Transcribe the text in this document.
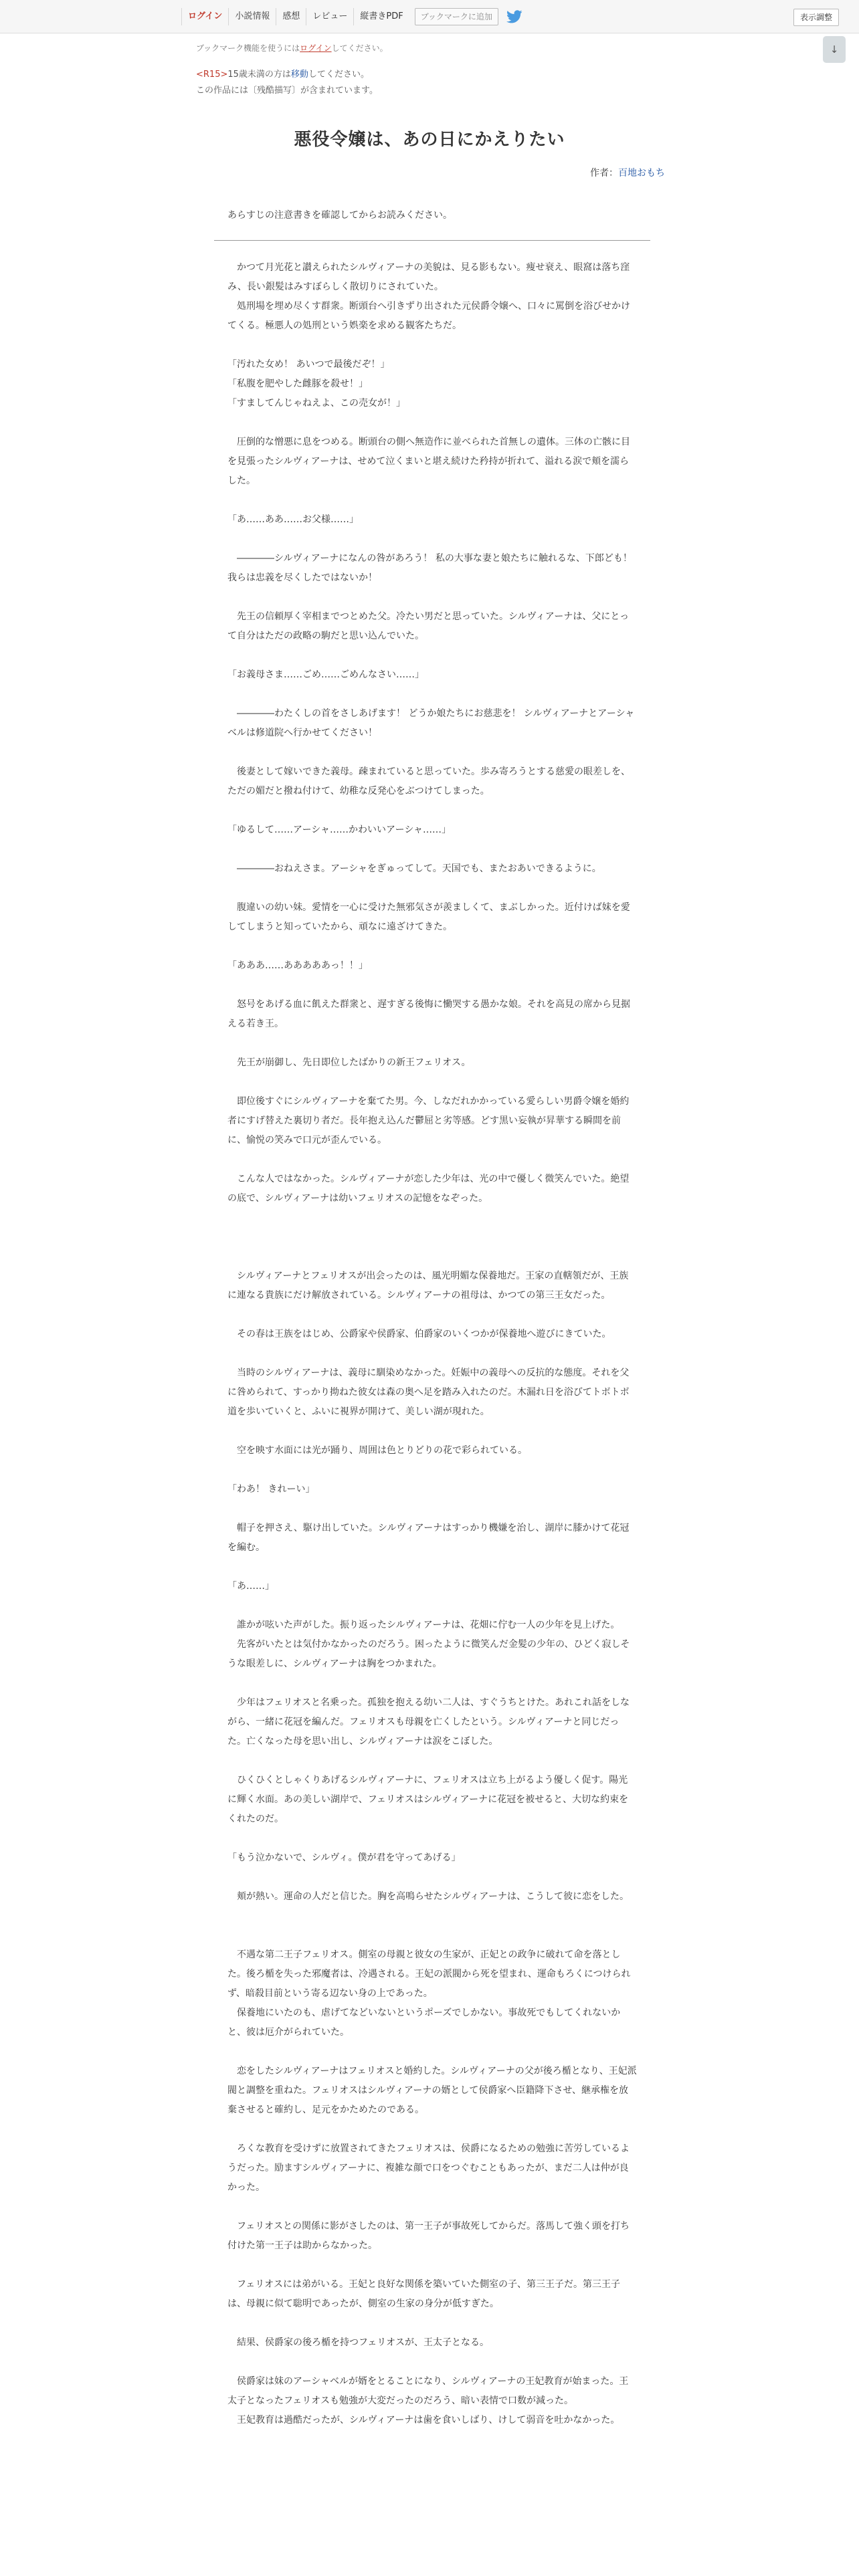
ログイン	小説情報	感想	レビュー	縦書きPDF	ブックマークに追加	表示調整
↓
ブックマーク機能を使うにはログインしてください。
<R15>15歳未満の方は移動してください。
この作品には〔残酷描写〕が含まれています。
悪役令嬢は、あの日にかえりたい
作者：百地おもち

あらすじの注意書きを確認してからお読みください。

　かつて月光花と讃えられたシルヴィアーナの美貌は、見る影もない。痩せ衰え、眼窩は落ち窪み、長い銀髪はみすぼらしく散切りにされていた。

　処刑場を埋め尽くす群衆。断頭台へ引きずり出された元侯爵令嬢へ、口々に罵倒を浴びせかけてくる。極悪人の処刑という娯楽を求める観客たちだ。

「汚れた女め！ あいつで最後だぞ！」

「私腹を肥やした雌豚を殺せ！」

「すましてんじゃねえよ、この売女が！」

　圧倒的な憎悪に息をつめる。断頭台の側へ無造作に並べられた首無しの遺体。三体の亡骸に目を見張ったシルヴィアーナは、せめて泣くまいと堪え続けた矜持が折れて、溢れる涙で頬を濡らした。

「あ……ああ……お父様……」

　――――シルヴィアーナになんの咎があろう！ 私の大事な妻と娘たちに触れるな、下郎ども！ 我らは忠義を尽くしたではないか！

　先王の信頼厚く宰相までつとめた父。冷たい男だと思っていた。シルヴィアーナは、父にとって自分はただの政略の駒だと思い込んでいた。

「お義母さま……ごめ……ごめんなさい……」

　――――わたくしの首をさしあげます！ どうか娘たちにお慈悲を！ シルヴィアーナとアーシャベルは修道院へ行かせてください！

　後妻として嫁いできた義母。疎まれていると思っていた。歩み寄ろうとする慈愛の眼差しを、ただの媚だと撥ね付けて、幼稚な反発心をぶつけてしまった。

「ゆるして……アーシャ……かわいいアーシャ……」

　――――おねえさま。アーシャをぎゅってして。天国でも、またおあいできるように。

　腹違いの幼い妹。愛情を一心に受けた無邪気さが羨ましくて、まぶしかった。近付けば妹を愛してしまうと知っていたから、頑なに遠ざけてきた。

「あああ……あああああっ！！」

　怒号をあげる血に飢えた群衆と、遅すぎる後悔に慟哭する愚かな娘。それを高見の席から見据える若き王。

　先王が崩御し、先日即位したばかりの新王フェリオス。

　即位後すぐにシルヴィアーナを棄てた男。今、しなだれかかっている愛らしい男爵令嬢を婚約者にすげ替えた裏切り者だ。長年抱え込んだ鬱屈と劣等感。どす黒い妄執が昇華する瞬間を前に、愉悦の笑みで口元が歪んでいる。

　こんな人ではなかった。シルヴィアーナが恋した少年は、光の中で優しく微笑んでいた。絶望の底で、シルヴィアーナは幼いフェリオスの記憶をなぞった。

　シルヴィアーナとフェリオスが出会ったのは、風光明媚な保養地だ。王家の直轄領だが、王族に連なる貴族にだけ解放されている。シルヴィアーナの祖母は、かつての第三王女だった。

　その春は王族をはじめ、公爵家や侯爵家、伯爵家のいくつかが保養地へ遊びにきていた。

　当時のシルヴィアーナは、義母に馴染めなかった。妊娠中の義母への反抗的な態度。それを父に咎められて、すっかり拗ねた彼女は森の奥へ足を踏み入れたのだ。木漏れ日を浴びてトボトボ道を歩いていくと、ふいに視界が開けて、美しい湖が現れた。

　空を映す水面には光が踊り、周囲は色とりどりの花で彩られている。

「わあ！ きれーい」

　帽子を押さえ、駆け出していた。シルヴィアーナはすっかり機嫌を治し、湖岸に膝かけて花冠を編む。

「あ……」

　誰かが呟いた声がした。振り返ったシルヴィアーナは、花畑に佇む一人の少年を見上げた。

　先客がいたとは気付かなかったのだろう。困ったように微笑んだ金髪の少年の、ひどく寂しそうな眼差しに、シルヴィアーナは胸をつかまれた。

　少年はフェリオスと名乗った。孤独を抱える幼い二人は、すぐうちとけた。あれこれ話をしながら、一緒に花冠を編んだ。フェリオスも母親を亡くしたという。シルヴィアーナと同じだった。亡くなった母を思い出し、シルヴィアーナは涙をこぼした。

　ひくひくとしゃくりあげるシルヴィアーナに、フェリオスは立ち上がるよう優しく促す。陽光に輝く水面。あの美しい湖岸で、フェリオスはシルヴィアーナに花冠を被せると、大切な約束をくれたのだ。

「もう泣かないで、シルヴィ。僕が君を守ってあげる」

　頬が熱い。運命の人だと信じた。胸を高鳴らせたシルヴィアーナは、こうして彼に恋をした。

　不遇な第二王子フェリオス。側室の母親と彼女の生家が、正妃との政争に破れて命を落とした。後ろ楯を失った邪魔者は、冷遇される。王妃の派閥から死を望まれ、運命もろくにつけられず、暗殺目前という寄る辺ない身の上であった。

　保養地にいたのも、虐げてなどいないというポーズでしかない。事故死でもしてくれないかと、彼は厄介がられていた。

　恋をしたシルヴィアーナはフェリオスと婚約した。シルヴィアーナの父が後ろ楯となり、王妃派閥と調整を重ねた。フェリオスはシルヴィアーナの婿として侯爵家へ臣籍降下させ、継承権を放棄させると確約し、足元をかためたのである。

　ろくな教育を受けずに放置されてきたフェリオスは、侯爵になるための勉強に苦労しているようだった。励ますシルヴィアーナに、複雑な顔で口をつぐむこともあったが、まだ二人は仲が良かった。

　フェリオスとの関係に影がさしたのは、第一王子が事故死してからだ。落馬して強く頭を打ち付けた第一王子は助からなかった。

　フェリオスには弟がいる。王妃と良好な関係を築いていた側室の子、第三王子だ。第三王子は、母親に似て聡明であったが、側室の生家の身分が低すぎた。

　結果、侯爵家の後ろ楯を持つフェリオスが、王太子となる。

　侯爵家は妹のアーシャベルが婿をとることになり、シルヴィアーナの王妃教育が始まった。王太子となったフェリオスも勉強が大変だったのだろう、暗い表情で口数が減った。

　王妃教育は過酷だったが、シルヴィアーナは歯を食いしばり、けして弱音を吐かなかった。
